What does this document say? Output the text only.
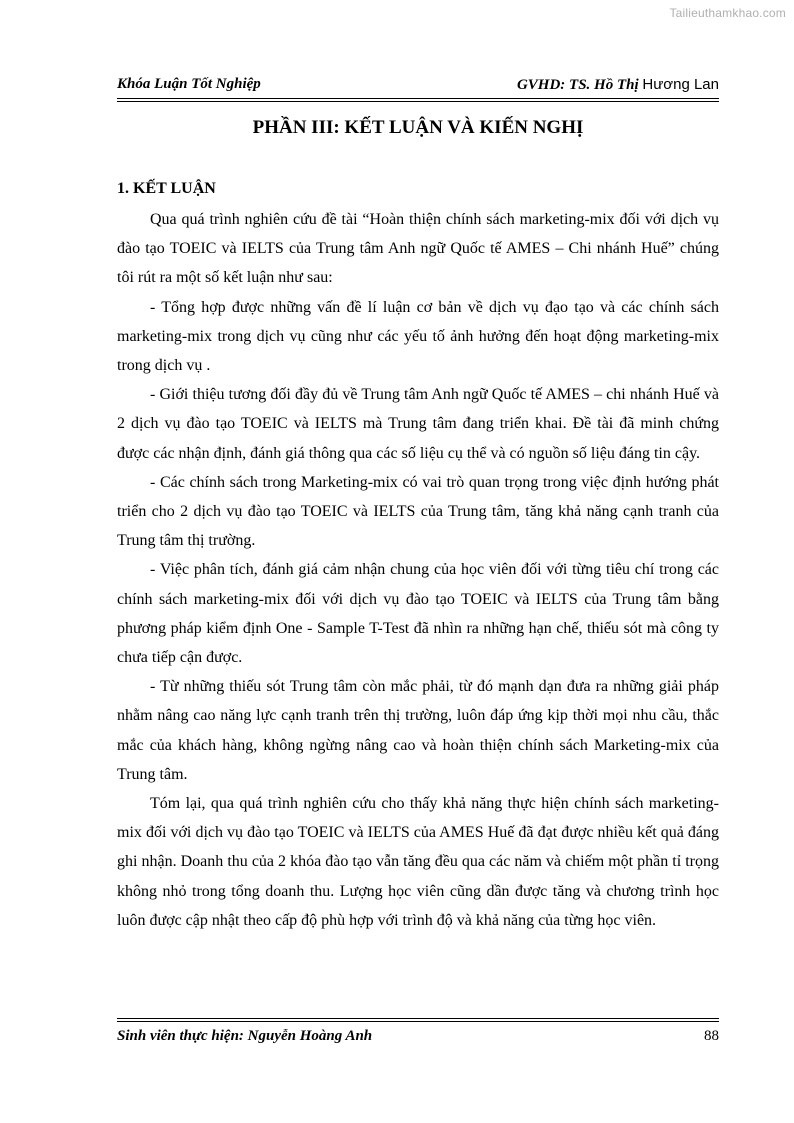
Tailieuthamkhao.com
Khóa Luận Tốt Nghiệp	GVHD: TS. Hồ Thị Hương Lan
PHẦN III: KẾT LUẬN VÀ KIẾN NGHỊ
1. KẾT LUẬN

Qua quá trình nghiên cứu đề tài “Hoàn thiện chính sách marketing-mix đối với dịch vụ đào tạo TOEIC và IELTS của Trung tâm Anh ngữ Quốc tế AMES – Chi nhánh Huế” chúng tôi rút ra một số kết luận như sau:

- Tổng hợp được những vấn đề lí luận cơ bản về dịch vụ đạo tạo và các chính sách marketing-mix trong dịch vụ cũng như các yếu tố ảnh hưởng đến hoạt động marketing-mix trong dịch vụ .

- Giới thiệu tương đối đầy đủ về Trung tâm Anh ngữ Quốc tế AMES – chi nhánh Huế và 2 dịch vụ đào tạo TOEIC và IELTS mà Trung tâm đang triển khai. Đề tài đã minh chứng được các nhận định, đánh giá thông qua các số liệu cụ thể và có nguồn số liệu đáng tin cậy.

- Các chính sách trong Marketing-mix có vai trò quan trọng trong việc định hướng phát triển cho 2 dịch vụ đào tạo TOEIC và IELTS của Trung tâm, tăng khả năng cạnh tranh của Trung tâm thị trường.

- Việc phân tích, đánh giá cảm nhận chung của học viên đối với từng tiêu chí trong các chính sách marketing-mix đối với dịch vụ đào tạo TOEIC và IELTS của Trung tâm bằng phương pháp kiểm định One - Sample T-Test đã nhìn ra những hạn chế, thiếu sót mà công ty chưa tiếp cận được.

- Từ những thiếu sót Trung tâm còn mắc phải, từ đó mạnh dạn đưa ra những giải pháp nhằm nâng cao năng lực cạnh tranh trên thị trường, luôn đáp ứng kịp thời mọi nhu cầu, thắc mắc của khách hàng, không ngừng nâng cao và hoàn thiện chính sách Marketing-mix của Trung tâm.

Tóm lại, qua quá trình nghiên cứu cho thấy khả năng thực hiện chính sách marketing-mix đối với dịch vụ đào tạo TOEIC và IELTS của AMES Huế đã đạt được nhiều kết quả đáng ghi nhận. Doanh thu của 2 khóa đào tạo vẫn tăng đều qua các năm và chiếm một phần tỉ trọng không nhỏ trong tổng doanh thu. Lượng học viên cũng dần được tăng và chương trình học luôn được cập nhật theo cấp độ phù hợp với trình độ và khả năng của từng học viên.

Sinh viên thực hiện: Nguyễn Hoàng Anh	88
